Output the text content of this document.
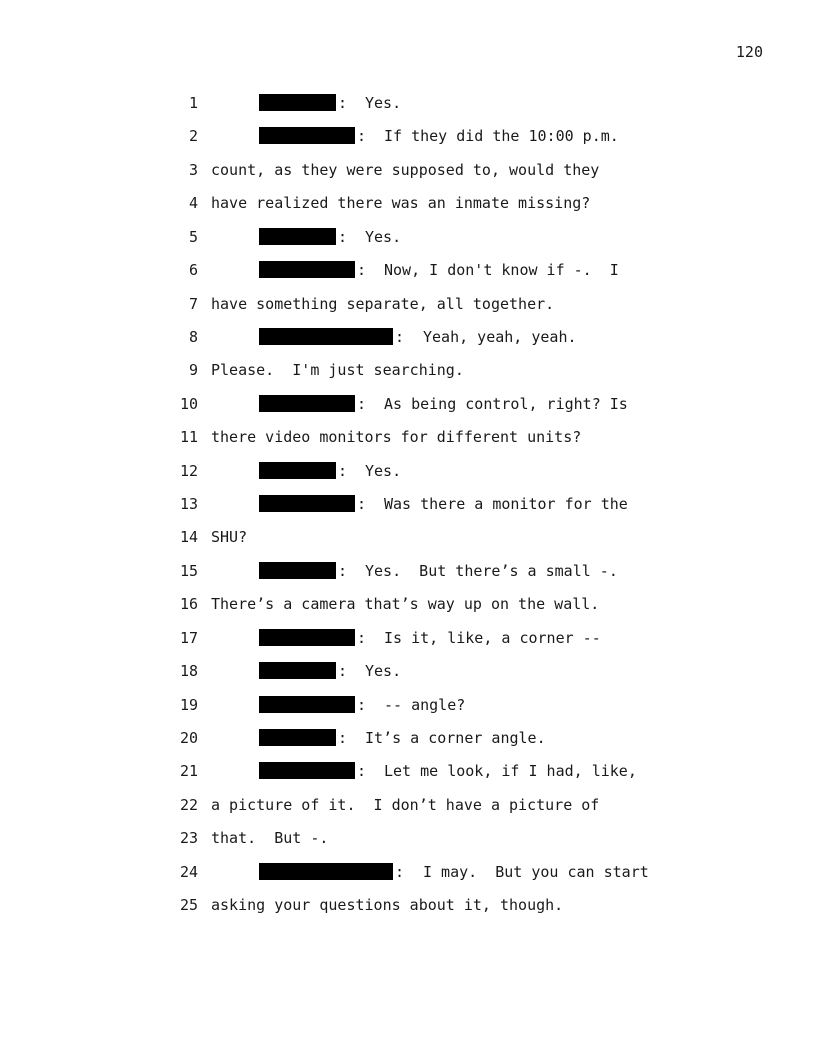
120
1	: Yes.
2	: If they did the 10:00 p.m.
3 count, as they were supposed to, would they
4 have realized there was an inmate missing?
5	: Yes.
6	: Now, I don't know if -.  I
7 have something separate, all together.
8	: Yeah, yeah, yeah.
9 Please.  I'm just searching.
10	: As being control, right? Is
11 there video monitors for different units?
12	: Yes.
13	: Was there a monitor for the
14 SHU?
15	: Yes.  But there’s a small -.
16 There’s a camera that’s way up on the wall.
17	: Is it, like, a corner --
18	: Yes.
19	: -- angle?
20	: It’s a corner angle.
21	: Let me look, if I had, like,
22 a picture of it.  I don’t have a picture of
23 that.  But -.
24	: I may.  But you can start
25 asking your questions about it, though.
